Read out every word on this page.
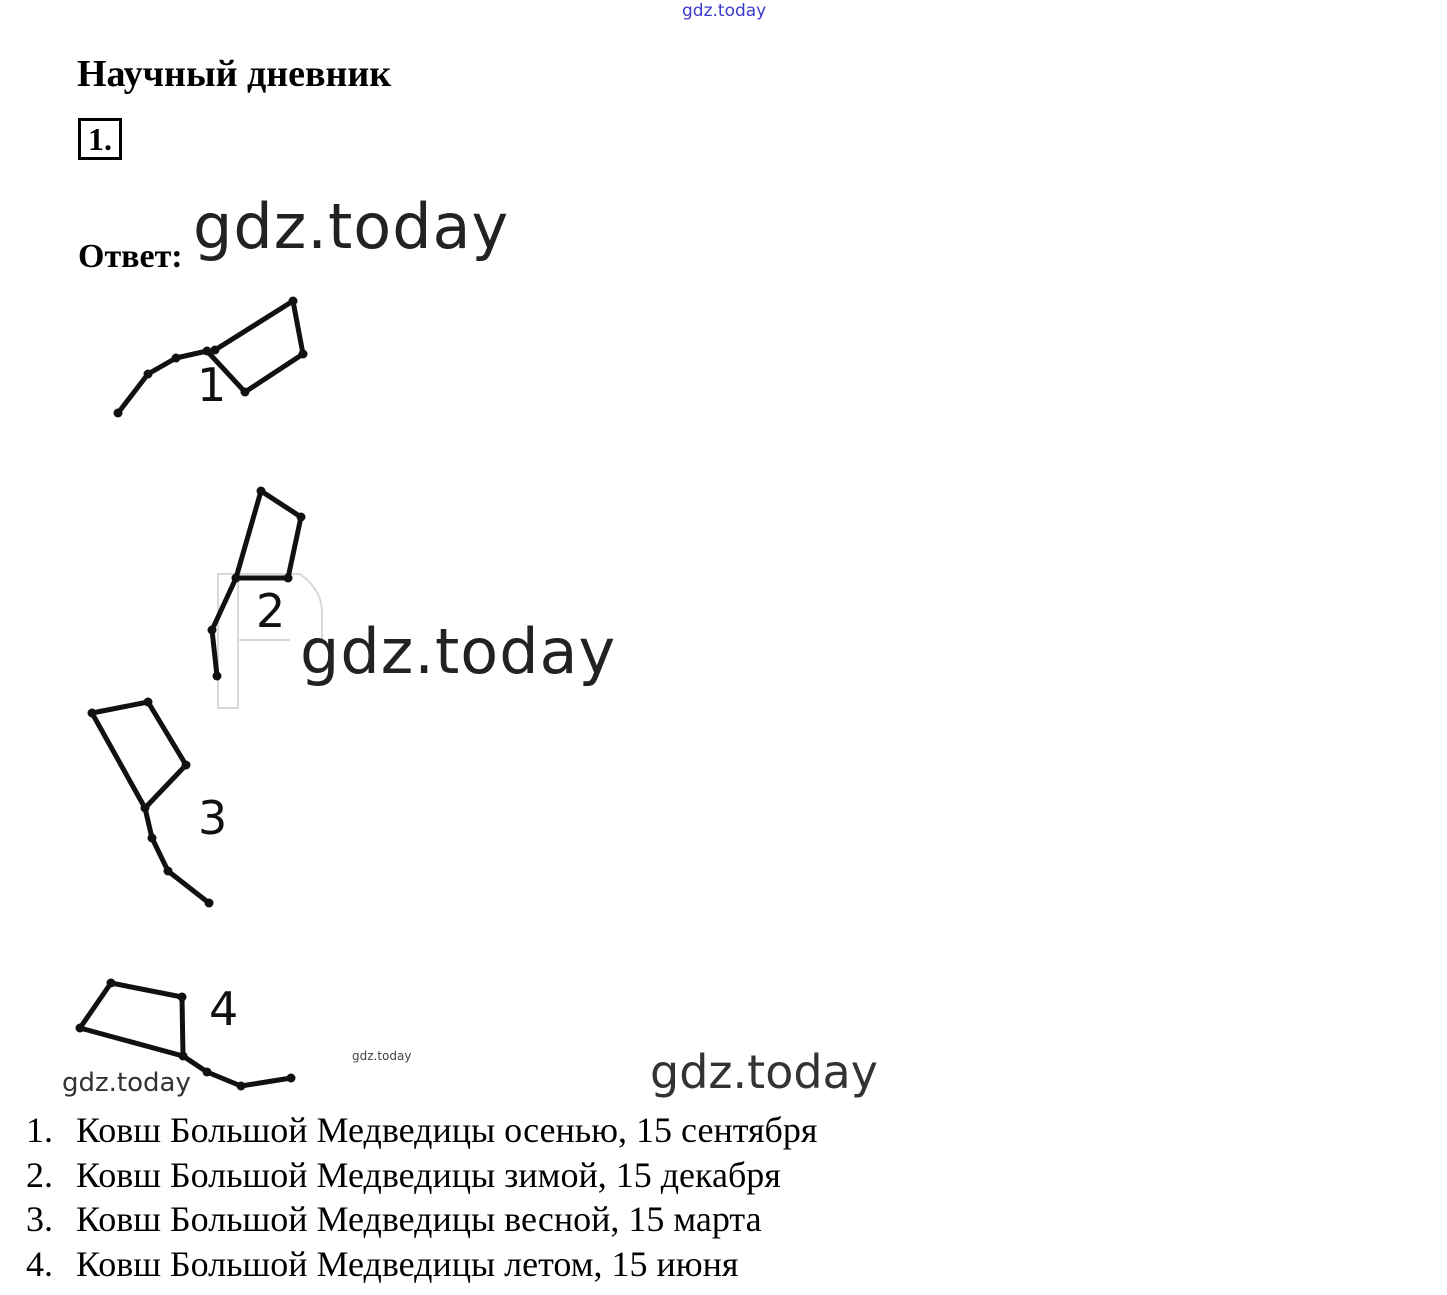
gdz.today
Научный дневник
1.
Ответ: gdz.today
1
2
3
4
gdz.today
gdz.today
gdz.today
gdz.today
1. Ковш Большой Медведицы осенью, 15 сентября
2. Ковш Большой Медведицы зимой, 15 декабря
3. Ковш Большой Медведицы весной, 15 марта
4. Ковш Большой Медведицы летом, 15 июня
